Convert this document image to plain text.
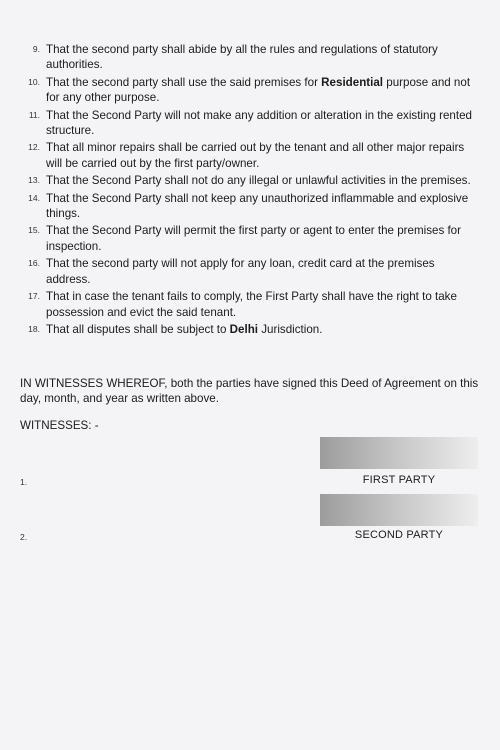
9. That the second party shall abide by all the rules and regulations of statutory authorities.
10. That the second party shall use the said premises for Residential purpose and not for any other purpose.
11. That the Second Party will not make any addition or alteration in the existing rented structure.
12. That all minor repairs shall be carried out by the tenant and all other major repairs will be carried out by the first party/owner.
13. That the Second Party shall not do any illegal or unlawful activities in the premises.
14. That the Second Party shall not keep any unauthorized inflammable and explosive things.
15. That the Second Party will permit the first party or agent to enter the premises for inspection.
16. That the second party will not apply for any loan, credit card at the premises address.
17. That in case the tenant fails to comply, the First Party shall have the right to take possession and evict the said tenant.
18. That all disputes shall be subject to Delhi Jurisdiction.

IN WITNESSES WHEREOF, both the parties have signed this Deed of Agreement on this day, month, and year as written above.

WITNESSES: -

1.	FIRST PARTY
2.	SECOND PARTY
